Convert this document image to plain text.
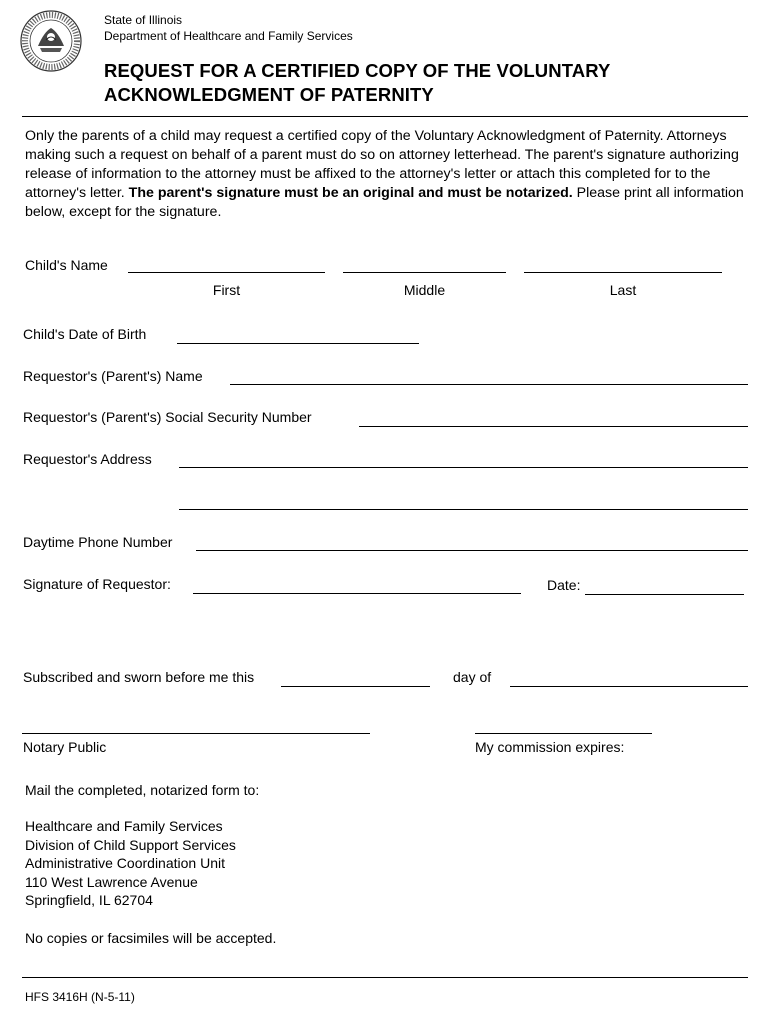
State of Illinois
Department of Healthcare and Family Services
REQUEST FOR A CERTIFIED COPY OF THE VOLUNTARY
ACKNOWLEDGMENT OF PATERNITY
Only the parents of a child may request a certified copy of the Voluntary Acknowledgment of Paternity. Attorneys making such a request on behalf of a parent must do so on attorney letterhead. The parent's signature authorizing release of information to the attorney must be affixed to the attorney's letter or attach this completed for to the attorney's letter. The parent's signature must be an original and must be notarized. Please print all information below, except for the signature.
Child's Name
First	Middle	Last
Child's Date of Birth
Requestor's (Parent's) Name
Requestor's (Parent's) Social Security Number
Requestor's Address
Daytime Phone Number
Signature of Requestor:	Date:
Subscribed and sworn before me this	day of
Notary Public	My commission expires:
Mail the completed, notarized form to:
Healthcare and Family Services
Division of Child Support Services
Administrative Coordination Unit
110 West Lawrence Avenue
Springfield, IL 62704
No copies or facsimiles will be accepted.
HFS 3416H (N-5-11)
